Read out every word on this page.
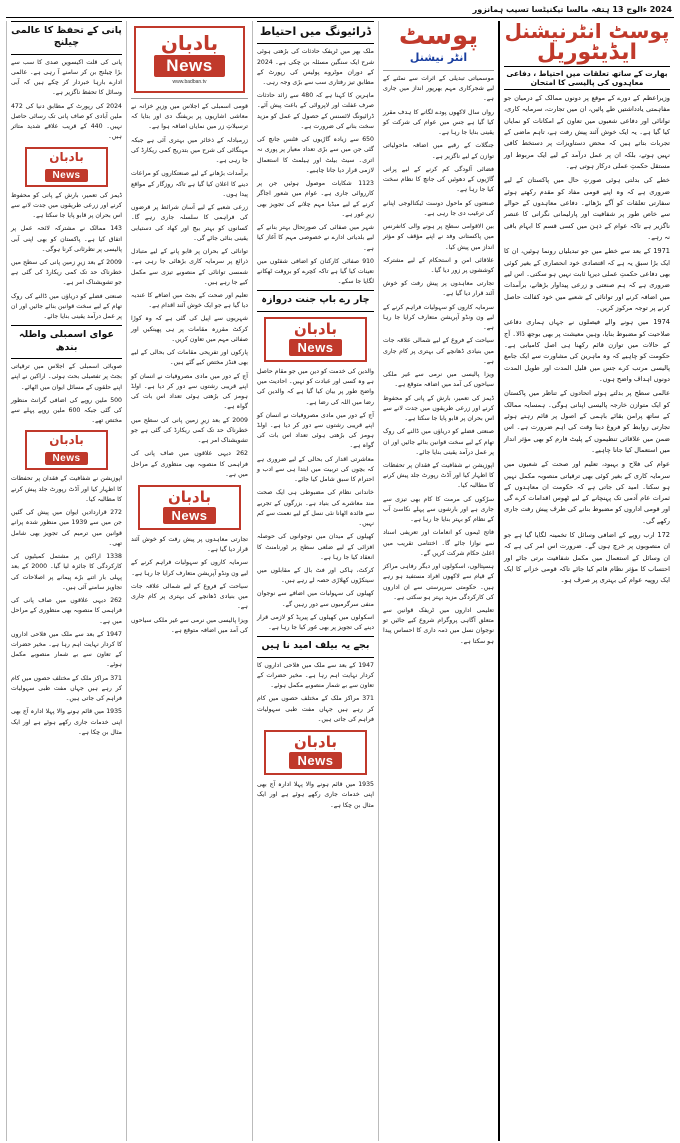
2024 ءالوج 13 ہتفہ مالسا تیکنیٹسا تسیب ہمانزور
پوسٹ انٹرنیشنل
ایڈیٹوریل
بھارت کے ساتھ تعلقات میں احتیاط ، دفاعی معاہدوں کی پالیسی کا امتحان

وزیراعظم کے دورے کے موقع پر دونوں ممالک کے درمیان جو مفاہمتی یادداشتیں طے پائیں، ان میں تجارت، سرمایہ کاری، توانائی اور دفاعی شعبوں میں تعاون کے امکانات کو نمایاں کیا گیا ہے۔ یہ ایک خوش آئند پیش رفت ہے، تاہم ماضی کے تجربات بتاتے ہیں کہ محض دستاویزات پر دستخط کافی نہیں ہوتے، بلکہ ان پر عمل درآمد کے لیے ایک مربوط اور مستقل حکمتِ عملی درکار ہوتی ہے۔

خطے کی بدلتی ہوئی صورتِ حال میں پاکستان کے لیے ضروری ہے کہ وہ اپنے قومی مفاد کو مقدم رکھتے ہوئے سفارتی تعلقات کو آگے بڑھائے۔ دفاعی معاہدوں کے حوالے سے خاص طور پر شفافیت اور پارلیمانی نگرانی کا عنصر ناگزیر ہے تاکہ عوام کے ذہن میں کسی قسم کا ابہام باقی نہ رہے۔

1971 کے بعد سے خطے میں جو تبدیلیاں رونما ہوئیں، ان کا ایک بڑا سبق یہ ہے کہ اقتصادی خود انحصاری کے بغیر کوئی بھی دفاعی حکمتِ عملی دیرپا ثابت نہیں ہو سکتی۔ اس لیے ضروری ہے کہ ہم صنعتی و زرعی پیداوار بڑھانے، برآمدات میں اضافہ کرنے اور توانائی کے شعبے میں خود کفالت حاصل کرنے پر توجہ مرکوز کریں۔

1974 میں ہونے والے فیصلوں نے جہاں ہماری دفاعی صلاحیت کو مضبوط بنایا، وہیں معیشت پر بھی بوجھ ڈالا۔ آج کے حالات میں توازن قائم رکھنا ہی اصل کامیابی ہے۔ حکومت کو چاہیے کہ وہ ماہرین کی مشاورت سے ایک جامع پالیسی مرتب کرے جس میں قلیل المدت اور طویل المدت دونوں اہداف واضح ہوں۔

عالمی سطح پر بدلتے ہوئے اتحادوں کے تناظر میں پاکستان کو ایک متوازن خارجہ پالیسی اپنانی ہوگی۔ ہمسایہ ممالک کے ساتھ پرامن بقائے باہمی کے اصول پر قائم رہتے ہوئے تجارتی روابط کو فروغ دینا وقت کی اہم ضرورت ہے۔ اس ضمن میں علاقائی تنظیموں کے پلیٹ فارم کو بھی مؤثر انداز میں استعمال کیا جانا چاہیے۔

عوام کی فلاح و بہبود، تعلیم اور صحت کے شعبوں میں سرمایہ کاری کے بغیر کوئی بھی ترقیاتی منصوبہ مکمل نہیں ہو سکتا۔ امید کی جاتی ہے کہ حکومت ان معاہدوں کے ثمرات عام آدمی تک پہنچانے کے لیے ٹھوس اقدامات کرے گی اور قومی اداروں کو مضبوط بنانے کی طرف پیش رفت جاری رکھے گی۔

172 ارب روپے کے اضافی وسائل کا تخمینہ لگایا گیا ہے جو ان منصوبوں پر خرچ ہوں گے۔ ضرورت اس امر کی ہے کہ ان وسائل کے استعمال میں مکمل شفافیت برتی جائے اور احتساب کا مؤثر نظام قائم کیا جائے تاکہ قومی خزانے کا ایک ایک روپیہ عوام کی بہتری پر صرف ہو۔

پوسٹ
انٹر نیشنل

موسمیاتی تبدیلی کے اثرات سے نمٹنے کے لیے شجرکاری مہم بھرپور انداز میں جاری ہے۔

رواں سال لاکھوں پودے لگانے کا ہدف مقرر کیا گیا ہے جس میں عوام کی شرکت کو یقینی بنایا جا رہا ہے۔

جنگلات کے رقبے میں اضافہ ماحولیاتی توازن کے لیے ناگزیر ہے۔

فضائی آلودگی کم کرنے کے لیے پرانی گاڑیوں کے دھوئیں کی جانچ کا نظام سخت کیا جا رہا ہے۔

صنعتوں کو ماحول دوست ٹیکنالوجی اپنانے کی ترغیب دی جا رہی ہے۔

بین الاقوامی سطح پر ہونے والی کانفرنس میں پاکستانی وفد نے اپنے مؤقف کو مؤثر انداز میں پیش کیا۔

علاقائی امن و استحکام کے لیے مشترکہ کوششوں پر زور دیا گیا۔

تجارتی معاہدوں پر پیش رفت کو خوش آئند قرار دیا گیا ہے۔

سرمایہ کاروں کو سہولیات فراہم کرنے کے لیے ون ونڈو آپریشن متعارف کرایا جا رہا ہے۔

سیاحت کے فروغ کے لیے شمالی علاقہ جات میں بنیادی ڈھانچے کی بہتری پر کام جاری ہے۔

ویزا پالیسی میں نرمی سے غیر ملکی سیاحوں کی آمد میں اضافہ متوقع ہے۔

ڈیمز کی تعمیر، بارش کے پانی کو محفوظ کرنے اور زرعی طریقوں میں جدت لانے سے اس بحران پر قابو پایا جا سکتا ہے۔

صنعتی فضلے کو دریاؤں میں ڈالنے کی روک تھام کے لیے سخت قوانین بنائے جائیں اور ان پر عمل درآمد یقینی بنایا جائے۔

اپوزیشن نے شفافیت کے فقدان پر تحفظات کا اظہار کیا اور آڈٹ رپورٹ جلد پیش کرنے کا مطالبہ کیا۔

سڑکوں کی مرمت کا کام بھی تیزی سے جاری ہے اور بارشوں سے پہلے نکاسیٔ آب کے نظام کو بہتر بنایا جا رہا ہے۔

فاتح ٹیموں کو انعامات اور تعریفی اسناد سے نوازا جائے گا۔ اختتامی تقریب میں اعلیٰ حکام شرکت کریں گے۔

ہسپتالوں، اسکولوں اور دیگر رفاہی مراکز کے قیام سے لاکھوں افراد مستفید ہو رہے ہیں۔ حکومتی سرپرستی سے ان اداروں کی کارکردگی مزید بہتر ہو سکتی ہے۔

تعلیمی اداروں میں ٹریفک قوانین سے متعلق آگاہی پروگرام شروع کیے جائیں تو نوجوان نسل میں ذمہ داری کا احساس پیدا ہو سکتا ہے۔

ڈرائیونگ میں احتیاط

ملک بھر میں ٹریفک حادثات کی بڑھتی ہوئی شرح ایک سنگین مسئلہ بن چکی ہے۔ 2024 کے دوران موٹروے پولیس کی رپورٹ کے مطابق تیز رفتاری سب سے بڑی وجہ رہی۔

ماہرین کا کہنا ہے کہ 480 سے زائد حادثات صرف غفلت اور لاپروائی کے باعث پیش آئے۔ ڈرائیونگ لائسنس کے حصول کے عمل کو مزید سخت بنانے کی ضرورت ہے۔

650 سے زیادہ گاڑیوں کی فٹنس جانچ کی گئی جن میں سے بڑی تعداد معیار پر پوری نہ اتری۔ سیٹ بیلٹ اور ہیلمٹ کا استعمال لازمی قرار دیا جانا چاہیے۔

1123 شکایات موصول ہوئیں جن پر کارروائی جاری ہے۔ عوام میں شعور اجاگر کرنے کے لیے میڈیا مہم چلانے کی تجویز بھی زیرِ غور ہے۔

شہر میں صفائی کی صورتحال بہتر بنانے کے لیے بلدیاتی ادارے نے خصوصی مہم کا آغاز کیا ہے۔

910 صفائی کارکنان کو اضافی شفٹوں میں تعینات کیا گیا ہے تاکہ کچرے کو بروقت ٹھکانے لگایا جا سکے۔

چار رے باپ جنت دروازہ
بادبان
News

والدین کی خدمت کو دین میں جو مقام حاصل ہے وہ کسی اور عبادت کو نہیں۔ احادیث میں واضح طور پر بیان کیا گیا ہے کہ والدین کی رضا میں اللہ کی رضا ہے۔

آج کے دور میں مادی مصروفیات نے انسان کو اپنے قریبی رشتوں سے دور کر دیا ہے۔ اولڈ ہومز کی بڑھتی ہوئی تعداد اس بات کی گواہ ہے۔

معاشرتی اقدار کی بحالی کے لیے ضروری ہے کہ بچوں کی تربیت میں ابتدا ہی سے ادب و احترام کا سبق شامل کیا جائے۔

خاندانی نظام کی مضبوطی ہی ایک صحت مند معاشرے کی بنیاد ہے۔ بزرگوں کے تجربے سے فائدہ اٹھانا نئی نسل کے لیے نعمت سے کم نہیں۔

کھیلوں کے میدان میں نوجوانوں کی حوصلہ افزائی کے لیے ضلعی سطح پر ٹورنامنٹ کا انعقاد کیا جا رہا ہے۔

کرکٹ، ہاکی اور فٹ بال کے مقابلوں میں سینکڑوں کھلاڑی حصہ لے رہے ہیں۔

کھیلوں کی سہولیات میں اضافے سے نوجوان منفی سرگرمیوں سے دور رہیں گے۔

اسکولوں میں کھیلوں کے پیریڈ کو لازمی قرار دینے کی تجویز پر بھی غور کیا جا رہا ہے۔

بجے یہ بیلف امید نا ہیں

1947 کے بعد سے ملک میں فلاحی اداروں کا کردار نہایت اہم رہا ہے۔ مخیر حضرات کے تعاون سے بے شمار منصوبے مکمل ہوئے۔

371 مراکز ملک کے مختلف حصوں میں کام کر رہے ہیں جہاں مفت طبی سہولیات فراہم کی جاتی ہیں۔

بادبان
News

1935 میں قائم ہونے والا پہلا ادارہ آج بھی اپنی خدمات جاری رکھے ہوئے ہے اور ایک مثال بن چکا ہے۔

بادبان
News
www.badban.tv

قومی اسمبلی کے اجلاس میں وزیرِ خزانہ نے معاشی اشاریوں پر بریفنگ دی اور بتایا کہ ترسیلاتِ زر میں نمایاں اضافہ ہوا ہے۔

زرمبادلہ کے ذخائر میں بہتری آئی ہے جبکہ مہنگائی کی شرح میں بتدریج کمی ریکارڈ کی جا رہی ہے۔

برآمدات بڑھانے کے لیے صنعتکاروں کو مراعات دینے کا اعلان کیا گیا ہے تاکہ روزگار کے مواقع پیدا ہوں۔

زرعی شعبے کے لیے آسان شرائط پر قرضوں کی فراہمی کا سلسلہ جاری رہے گا۔ کسانوں کو بہتر بیج اور کھاد کی دستیابی یقینی بنائی جائے گی۔

توانائی کے بحران پر قابو پانے کے لیے متبادل ذرائع پر سرمایہ کاری بڑھائی جا رہی ہے۔ شمسی توانائی کے منصوبے تیزی سے مکمل کیے جا رہے ہیں۔

تعلیم اور صحت کے بجٹ میں اضافے کا عندیہ دیا گیا ہے جو ایک خوش آئند اقدام ہے۔

شہریوں سے اپیل کی گئی ہے کہ وہ کوڑا کرکٹ مقررہ مقامات پر ہی پھینکیں اور صفائی مہم میں تعاون کریں۔

پارکوں اور تفریحی مقامات کی بحالی کے لیے بھی فنڈز مختص کیے گئے ہیں۔

آج کے دور میں مادی مصروفیات نے انسان کو اپنے قریبی رشتوں سے دور کر دیا ہے۔ اولڈ ہومز کی بڑھتی ہوئی تعداد اس بات کی گواہ ہے۔

2009 کے بعد زیرِ زمین پانی کی سطح میں خطرناک حد تک کمی ریکارڈ کی گئی ہے جو تشویشناک امر ہے۔

262 دیہی علاقوں میں صاف پانی کی فراہمی کا منصوبہ بھی منظوری کے مراحل میں ہے۔

بادبان
News

تجارتی معاہدوں پر پیش رفت کو خوش آئند قرار دیا گیا ہے۔

سرمایہ کاروں کو سہولیات فراہم کرنے کے لیے ون ونڈو آپریشن متعارف کرایا جا رہا ہے۔

سیاحت کے فروغ کے لیے شمالی علاقہ جات میں بنیادی ڈھانچے کی بہتری پر کام جاری ہے۔

ویزا پالیسی میں نرمی سے غیر ملکی سیاحوں کی آمد میں اضافہ متوقع ہے۔

پانی کے تحفظ کا عالمی چیلنج

پانی کی قلت اکیسویں صدی کا سب سے بڑا چیلنج بن کر سامنے آ رہی ہے۔ عالمی ادارے بارہا خبردار کر چکے ہیں کہ آبی وسائل کا تحفظ ناگزیر ہے۔

2024 کی رپورٹ کے مطابق دنیا کی 472 ملین آبادی کو صاف پانی تک رسائی حاصل نہیں۔ 440 کے قریب علاقے شدید متاثر ہیں۔

بادبان
News

ڈیمز کی تعمیر، بارش کے پانی کو محفوظ کرنے اور زرعی طریقوں میں جدت لانے سے اس بحران پر قابو پایا جا سکتا ہے۔

143 ممالک نے مشترکہ لائحہ عمل پر اتفاق کیا ہے۔ پاکستان کو بھی اپنی آبی پالیسی پر نظرثانی کرنا ہوگی۔

2009 کے بعد زیرِ زمین پانی کی سطح میں خطرناک حد تک کمی ریکارڈ کی گئی ہے جو تشویشناک امر ہے۔

صنعتی فضلے کو دریاؤں میں ڈالنے کی روک تھام کے لیے سخت قوانین بنائے جائیں اور ان پر عمل درآمد یقینی بنایا جائے۔

عوای اسمبلی واطلہ بندھ

صوبائی اسمبلی کے اجلاس میں ترقیاتی بجٹ پر تفصیلی بحث ہوئی۔ اراکین نے اپنے اپنے حلقوں کے مسائل ایوان میں اٹھائے۔

500 ملین روپے کی اضافی گرانٹ منظور کی گئی جبکہ 600 ملین روپے پہلے سے مختص تھے۔

بادبان
News

اپوزیشن نے شفافیت کے فقدان پر تحفظات کا اظہار کیا اور آڈٹ رپورٹ جلد پیش کرنے کا مطالبہ کیا۔

272 قراردادیں ایوان میں پیش کی گئیں جن میں سے 1939 میں منظور شدہ پرانے قوانین میں ترمیم کی تجویز بھی شامل تھی۔

1338 اراکین پر مشتمل کمیٹیوں کی کارکردگی کا جائزہ لیا گیا۔ 2000 کے بعد پہلی بار اتنے بڑے پیمانے پر اصلاحات کی تجاویز سامنے آئی ہیں۔

262 دیہی علاقوں میں صاف پانی کی فراہمی کا منصوبہ بھی منظوری کے مراحل میں ہے۔

1947 کے بعد سے ملک میں فلاحی اداروں کا کردار نہایت اہم رہا ہے۔ مخیر حضرات کے تعاون سے بے شمار منصوبے مکمل ہوئے۔

371 مراکز ملک کے مختلف حصوں میں کام کر رہے ہیں جہاں مفت طبی سہولیات فراہم کی جاتی ہیں۔

1935 میں قائم ہونے والا پہلا ادارہ آج بھی اپنی خدمات جاری رکھے ہوئے ہے اور ایک مثال بن چکا ہے۔
